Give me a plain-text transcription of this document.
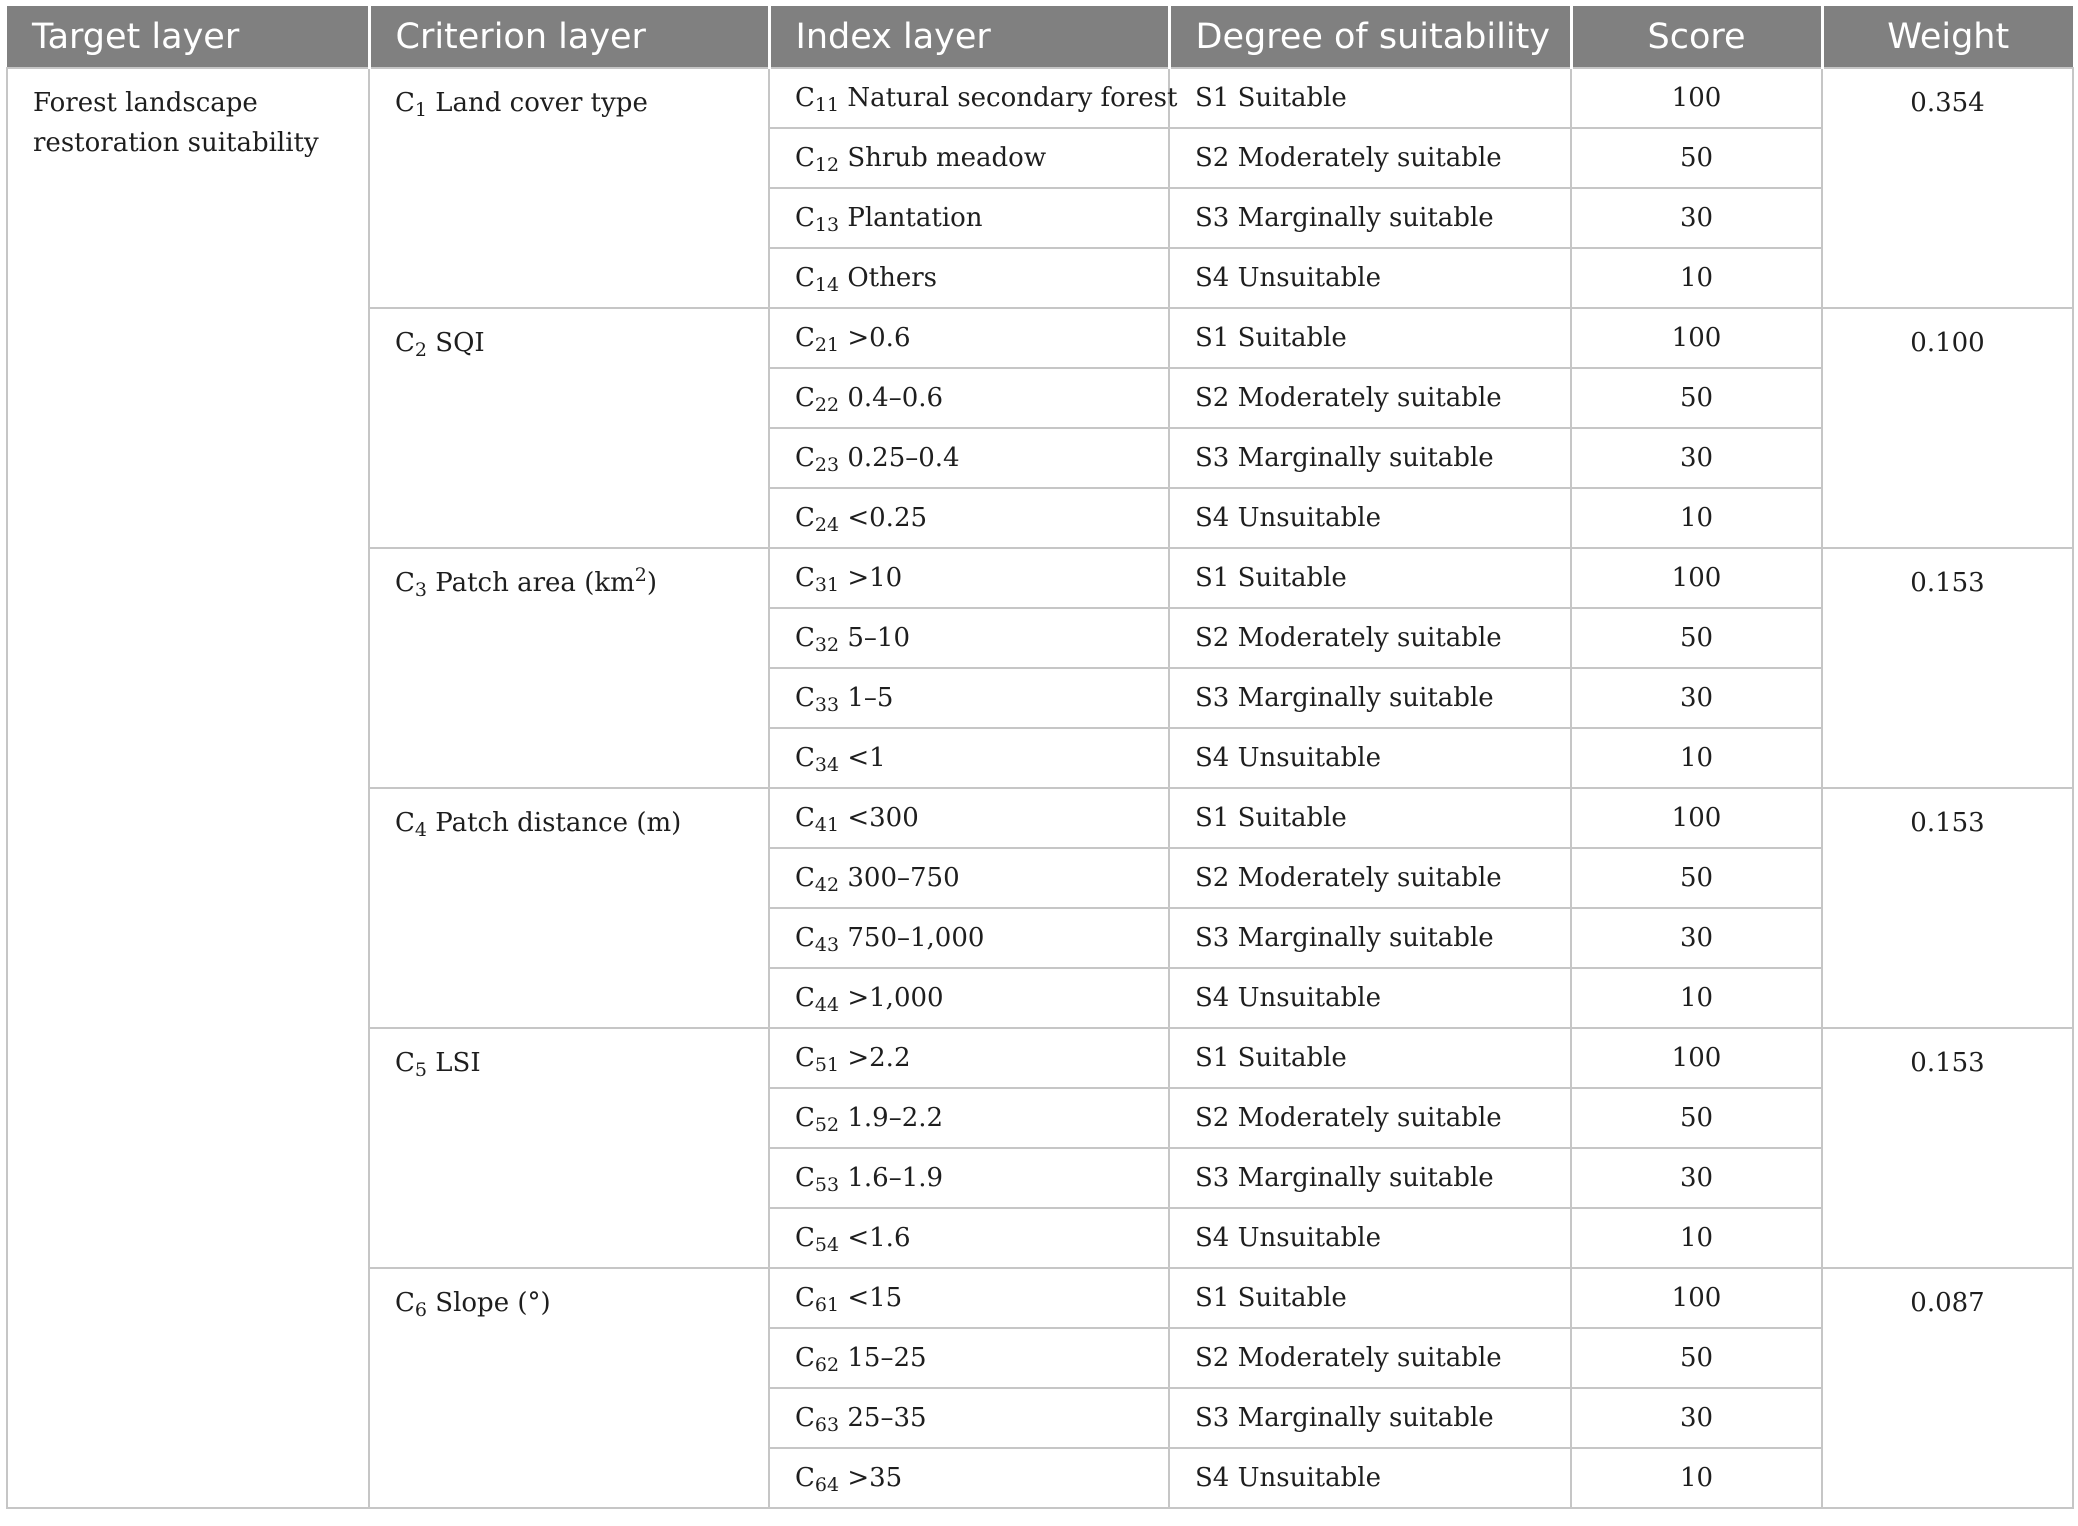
Target layer	Criterion layer	Index layer	Degree of suitability	Score	Weight
Forest landscape restoration suitability	$C_1$ Land cover type	$C_{11}$ Natural secondary forest	S1 Suitable	100	0.354
		$C_{12}$ Shrub meadow	S2 Moderately suitable	50	
		$C_{13}$ Plantation	S3 Marginally suitable	30	
		$C_{14}$ Others	S4 Unsuitable	10	
	$C_2$ SQI	$C_{21} >0.6$	S1 Suitable	100	0.100
		$C_{22}$ 0.4–0.6	S2 Moderately suitable	50	
		$C_{23}$ 0.25–0.4	S3 Marginally suitable	30	
		$C_{24} <0.25$	S4 Unsuitable	10	
	$C_3$ Patch area $(km^2)$	$C_{31} >10$	S1 Suitable	100	0.153
		$C_{32}$ 5–10	S2 Moderately suitable	50	
		$C_{33}$ 1–5	S3 Marginally suitable	30	
		$C_{34} <1$	S4 Unsuitable	10	
	$C_4$ Patch distance (m)	$C_{41} <300$	S1 Suitable	100	0.153
		$C_{42}$ 300–750	S2 Moderately suitable	50	
		$C_{43}$ 750–1,000	S3 Marginally suitable	30	
		$C_{44} >1,000$	S4 Unsuitable	10	
	$C_5$ LSI	$C_{51} >2.2$	S1 Suitable	100	0.153
		$C_{52}$ 1.9–2.2	S2 Moderately suitable	50	
		$C_{53}$ 1.6–1.9	S3 Marginally suitable	30	
		$C_{54} <1.6$	S4 Unsuitable	10	
	$C_6$ Slope (°)	$C_{61} <15$	S1 Suitable	100	0.087
		$C_{62}$ 15–25	S2 Moderately suitable	50	
		$C_{63}$ 25–35	S3 Marginally suitable	30	
		$C_{64} >35$	S4 Unsuitable	10	
